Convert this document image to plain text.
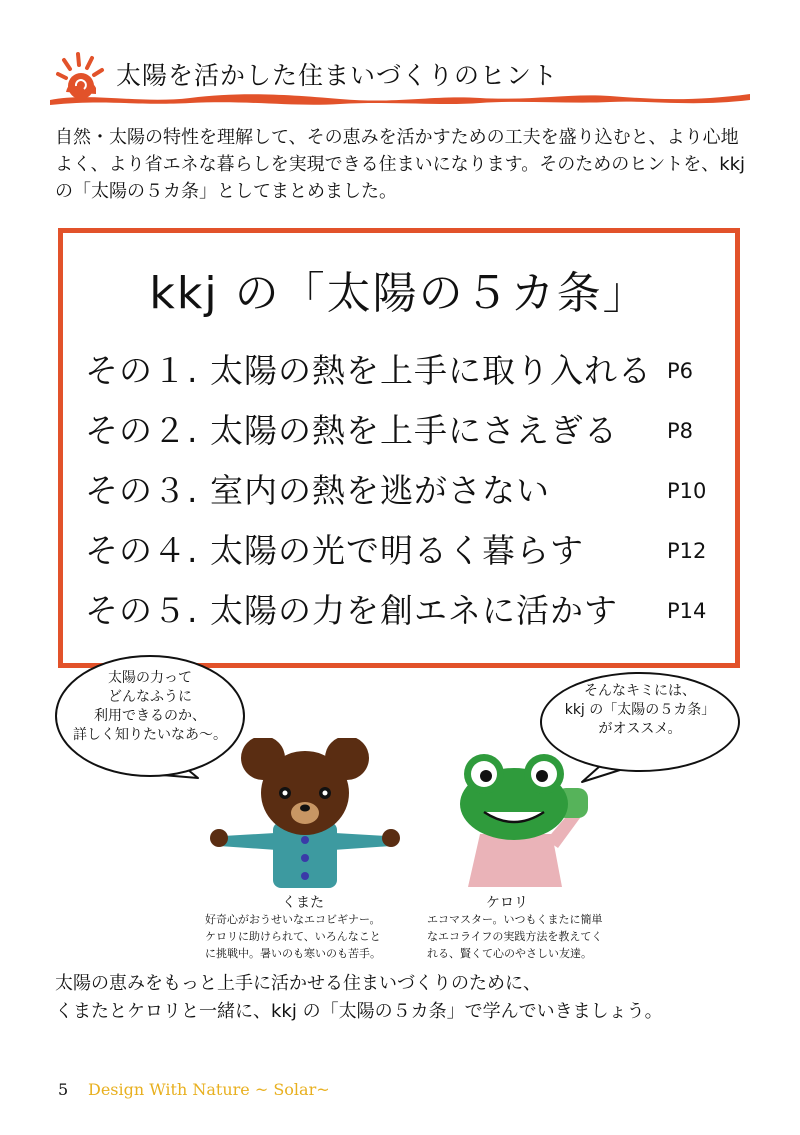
太陽を活かした住まいづくりのヒント
自然・太陽の特性を理解して、その恵みを活かすための工夫を盛り込むと、より心地よく、より省エネな暮らしを実現できる住まいになります。そのためのヒントを、kkj の「太陽の５カ条」としてまとめました。
kkj の「太陽の５カ条」
その１. 太陽の熱を上手に取り入れる P6
その２. 太陽の熱を上手にさえぎる P8
その３. 室内の熱を逃がさない	P10
その４. 太陽の光で明るく暮らす	P12
その５. 太陽の力を創エネに活かす P14
太陽の力って
どんなふうに
利用できるのか、
詳しく知りたいなあ〜。
そんなキミには、
kkj の「太陽の５カ条」
がオススメ。
くまた
好奇心がおうせいなエコビギナー。
ケロリに助けられて、いろんなこと
に挑戦中。暑いのも寒いのも苦手。
ケロリ
エコマスター。いつもくまたに簡単
なエコライフの実践方法を教えてく
れる、賢くて心のやさしい友達。
太陽の恵みをもっと上手に活かせる住まいづくりのために、
くまたとケロリと一緒に、kkj の「太陽の５カ条」で学んでいきましょう。
5 Design With Nature ~ Solar~
